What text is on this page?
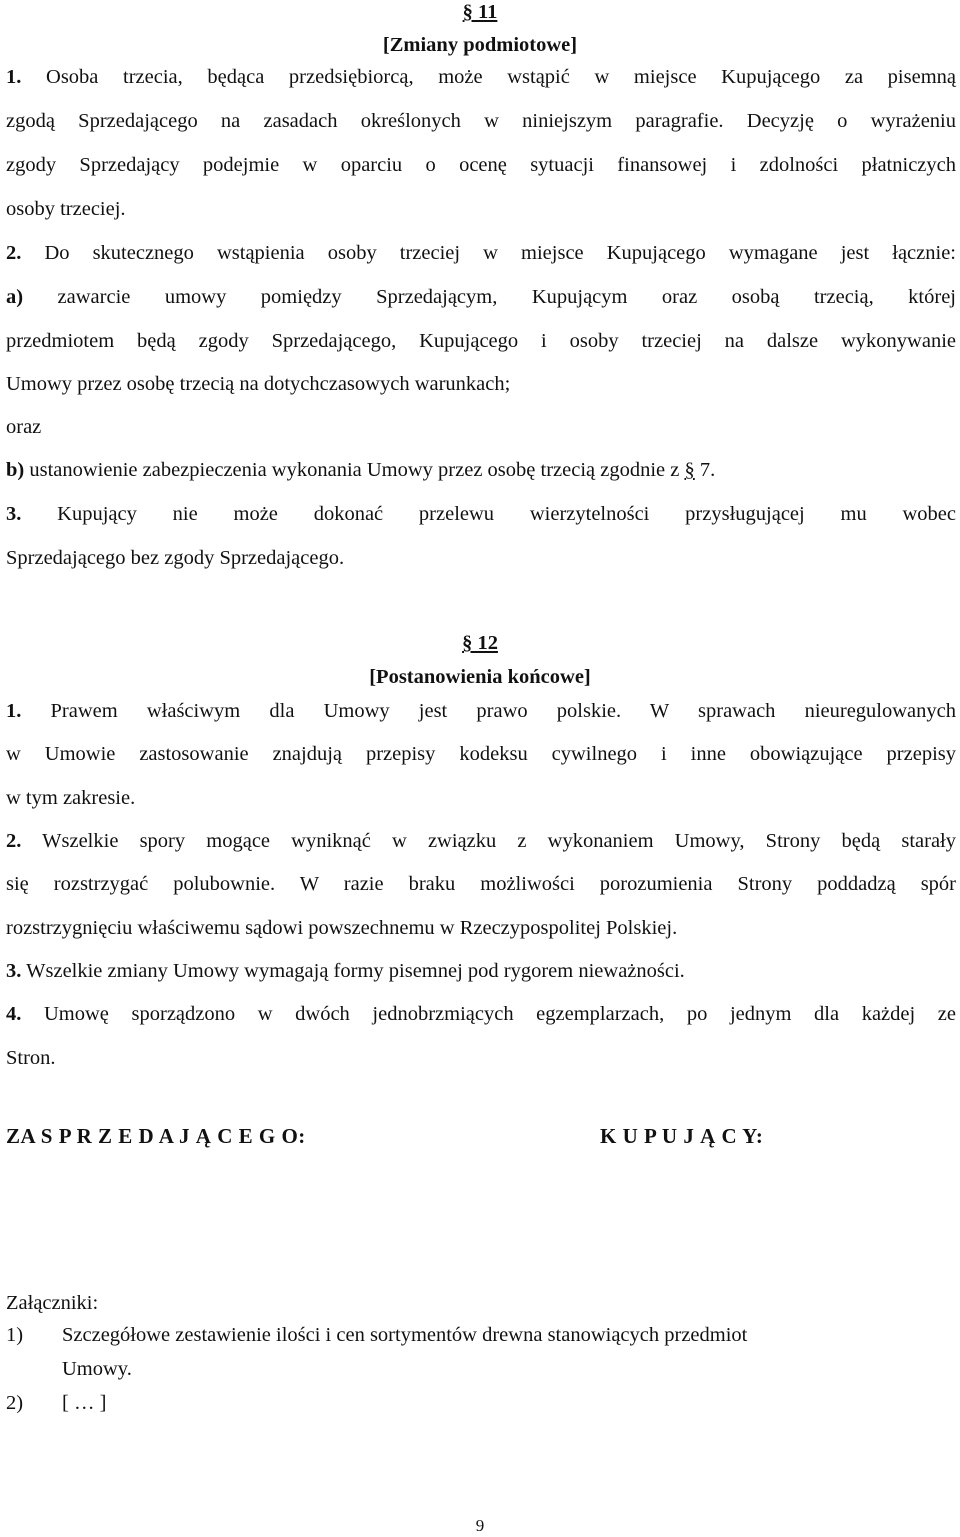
§ 11
[Zmiany podmiotowe]
1. Osoba trzecia, będąca przedsiębiorcą, może wstąpić w miejsce Kupującego za pisemną
zgodą Sprzedającego na zasadach określonych w niniejszym paragrafie. Decyzję o wyrażeniu
zgody Sprzedający podejmie w oparciu o ocenę sytuacji finansowej i zdolności płatniczych
osoby trzeciej.
2. Do skutecznego wstąpienia osoby trzeciej w miejsce Kupującego wymagane jest łącznie:
a) zawarcie umowy pomiędzy Sprzedającym, Kupującym oraz osobą trzecią, której
przedmiotem będą zgody Sprzedającego, Kupującego i osoby trzeciej na dalsze wykonywanie
Umowy przez osobę trzecią na dotychczasowych warunkach;
oraz
b) ustanowienie zabezpieczenia wykonania Umowy przez osobę trzecią zgodnie z § 7.
3. Kupujący nie może dokonać przelewu wierzytelności przysługującej mu wobec
Sprzedającego bez zgody Sprzedającego.
§ 12
[Postanowienia końcowe]
1. Prawem właściwym dla Umowy jest prawo polskie. W sprawach nieuregulowanych
w Umowie zastosowanie znajdują przepisy kodeksu cywilnego i inne obowiązujące przepisy
w tym zakresie.
2. Wszelkie spory mogące wyniknąć w związku z wykonaniem Umowy, Strony będą starały
się rozstrzygać polubownie. W razie braku możliwości porozumienia Strony poddadzą spór
rozstrzygnięciu właściwemu sądowi powszechnemu w Rzeczypospolitej Polskiej.
3. Wszelkie zmiany Umowy wymagają formy pisemnej pod rygorem nieważności.
4. Umowę sporządzono w dwóch jednobrzmiących egzemplarzach, po jednym dla każdej ze
Stron.
ZA S P R Z E D A J Ą C E G O:	K U P U J Ą C Y:
Załączniki:
1) Szczegółowe zestawienie ilości i cen sortymentów drewna stanowiących przedmiot
Umowy.
2) [ … ]
9
